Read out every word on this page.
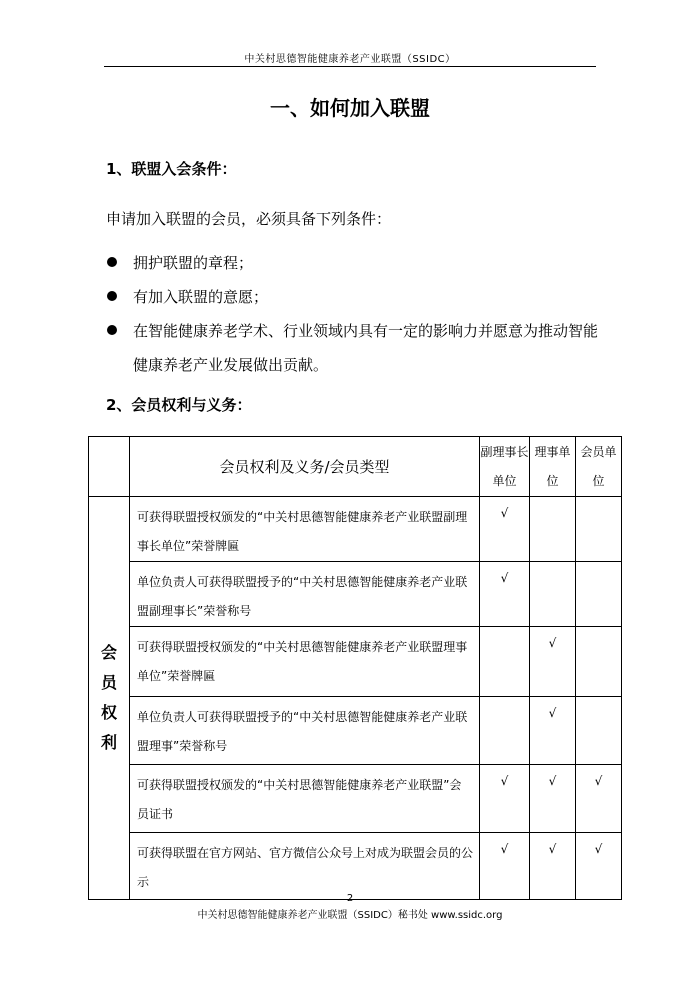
中关村思德智能健康养老产业联盟（SSIDC）
一、如何加入联盟
1、联盟入会条件：
申请加入联盟的会员，必须具备下列条件：
拥护联盟的章程；
有加入联盟的意愿；
在智能健康养老学术、行业领域内具有一定的影响力并愿意为推动智能健康养老产业发展做出贡献。
2、会员权利与义务：
	会员权利及义务/会员类型	副理事长单位	理事单位	会员单位

会
员
权
利	可获得联盟授权颁发的“中关村思德智能健康养老产业联盟副理事长单位”荣誉牌匾	√		
	单位负责人可获得联盟授予的“中关村思德智能健康养老产业联盟副理事长”荣誉称号	√		
	可获得联盟授权颁发的“中关村思德智能健康养老产业联盟理事单位”荣誉牌匾		√	
	单位负责人可获得联盟授予的“中关村思德智能健康养老产业联盟理事”荣誉称号		√	
	可获得联盟授权颁发的“中关村思德智能健康养老产业联盟”会员证书	√	√	√
	可获得联盟在官方网站、官方微信公众号上对成为联盟会员的公示	√	√	√
2
中关村思德智能健康养老产业联盟（SSIDC）秘书处 www.ssidc.org
